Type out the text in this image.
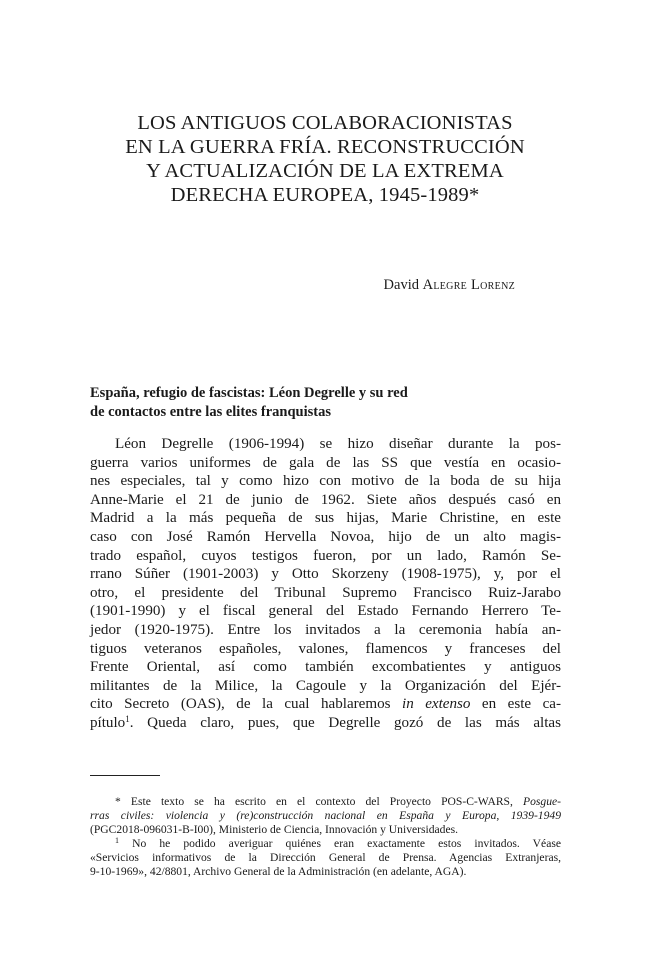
LOS ANTIGUOS COLABORACIONISTAS
EN LA GUERRA FRÍA. RECONSTRUCCIÓN
Y ACTUALIZACIÓN DE LA EXTREMA
DERECHA EUROPEA, 1945-1989*
David Alegre Lorenz
España, refugio de fascistas: Léon Degrelle y su red
de contactos entre las elites franquistas
Léon Degrelle (1906-1994) se hizo diseñar durante la pos-
guerra varios uniformes de gala de las SS que vestía en ocasio-
nes especiales, tal y como hizo con motivo de la boda de su hija
Anne-Marie el 21 de junio de 1962. Siete años después casó en
Madrid a la más pequeña de sus hijas, Marie Christine, en este
caso con José Ramón Hervella Novoa, hijo de un alto magis-
trado español, cuyos testigos fueron, por un lado, Ramón Se-
rrano Súñer (1901-2003) y Otto Skorzeny (1908-1975), y, por el
otro, el presidente del Tribunal Supremo Francisco Ruiz-Jarabo
(1901-1990) y el fiscal general del Estado Fernando Herrero Te-
jedor (1920-1975). Entre los invitados a la ceremonia había an-
tiguos veteranos españoles, valones, flamencos y franceses del
Frente Oriental, así como también excombatientes y antiguos
militantes de la Milice, la Cagoule y la Organización del Ejér-
cito Secreto (OAS), de la cual hablaremos in extenso en este ca-
pítulo$^1$. Queda claro, pues, que Degrelle gozó de las más altas
* Este texto se ha escrito en el contexto del Proyecto POS-C-WARS, Posgue-
rras civiles: violencia y (re)construcción nacional en España y Europa, 1939-1949
(PGC2018-096031-B-I00), Ministerio de Ciencia, Innovación y Universidades.
$^1$ No he podido averiguar quiénes eran exactamente estos invitados. Véase
«Servicios informativos de la Dirección General de Prensa. Agencias Extranjeras,
9-10-1969», 42/8801, Archivo General de la Administración (en adelante, AGA).
